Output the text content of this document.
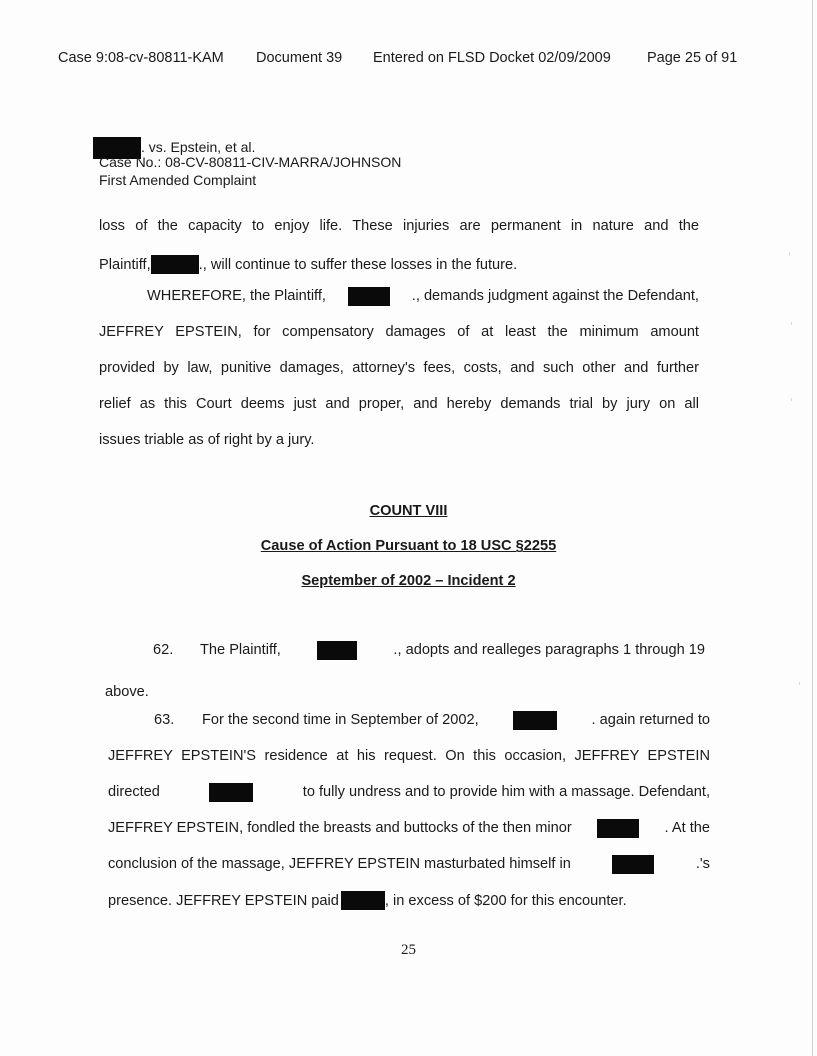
Case 9:08-cv-80811-KAM Document 39 Entered on FLSD Docket 02/09/2009 Page 25 of 91
. vs. Epstein, et al.
Case No.: 08-CV-80811-CIV-MARRA/JOHNSON
First Amended Complaint
loss of the capacity to enjoy life. These injuries are permanent in nature and the
Plaintiff,	., will continue to suffer these losses in the future.
WHEREFORE, the Plaintiff,	., demands judgment against the Defendant,
JEFFREY EPSTEIN, for compensatory damages of at least the minimum amount
provided by law, punitive damages, attorney's fees, costs, and such other and further
relief as this Court deems just and proper, and hereby demands trial by jury on all
issues triable as of right by a jury.
COUNT VIII
Cause of Action Pursuant to 18 USC §2255
September of 2002 – Incident 2
62. The Plaintiff,	., adopts and realleges paragraphs 1 through 19
above.
63. For the second time in September of 2002,	. again returned to
JEFFREY EPSTEIN'S residence at his request. On this occasion, JEFFREY EPSTEIN
directed	to fully undress and to provide him with a massage. Defendant,
JEFFREY EPSTEIN, fondled the breasts and buttocks of the then minor	. At the
conclusion of the massage, JEFFREY EPSTEIN masturbated himself in	.'s
presence. JEFFREY EPSTEIN paid	, in excess of $200 for this encounter.
25
